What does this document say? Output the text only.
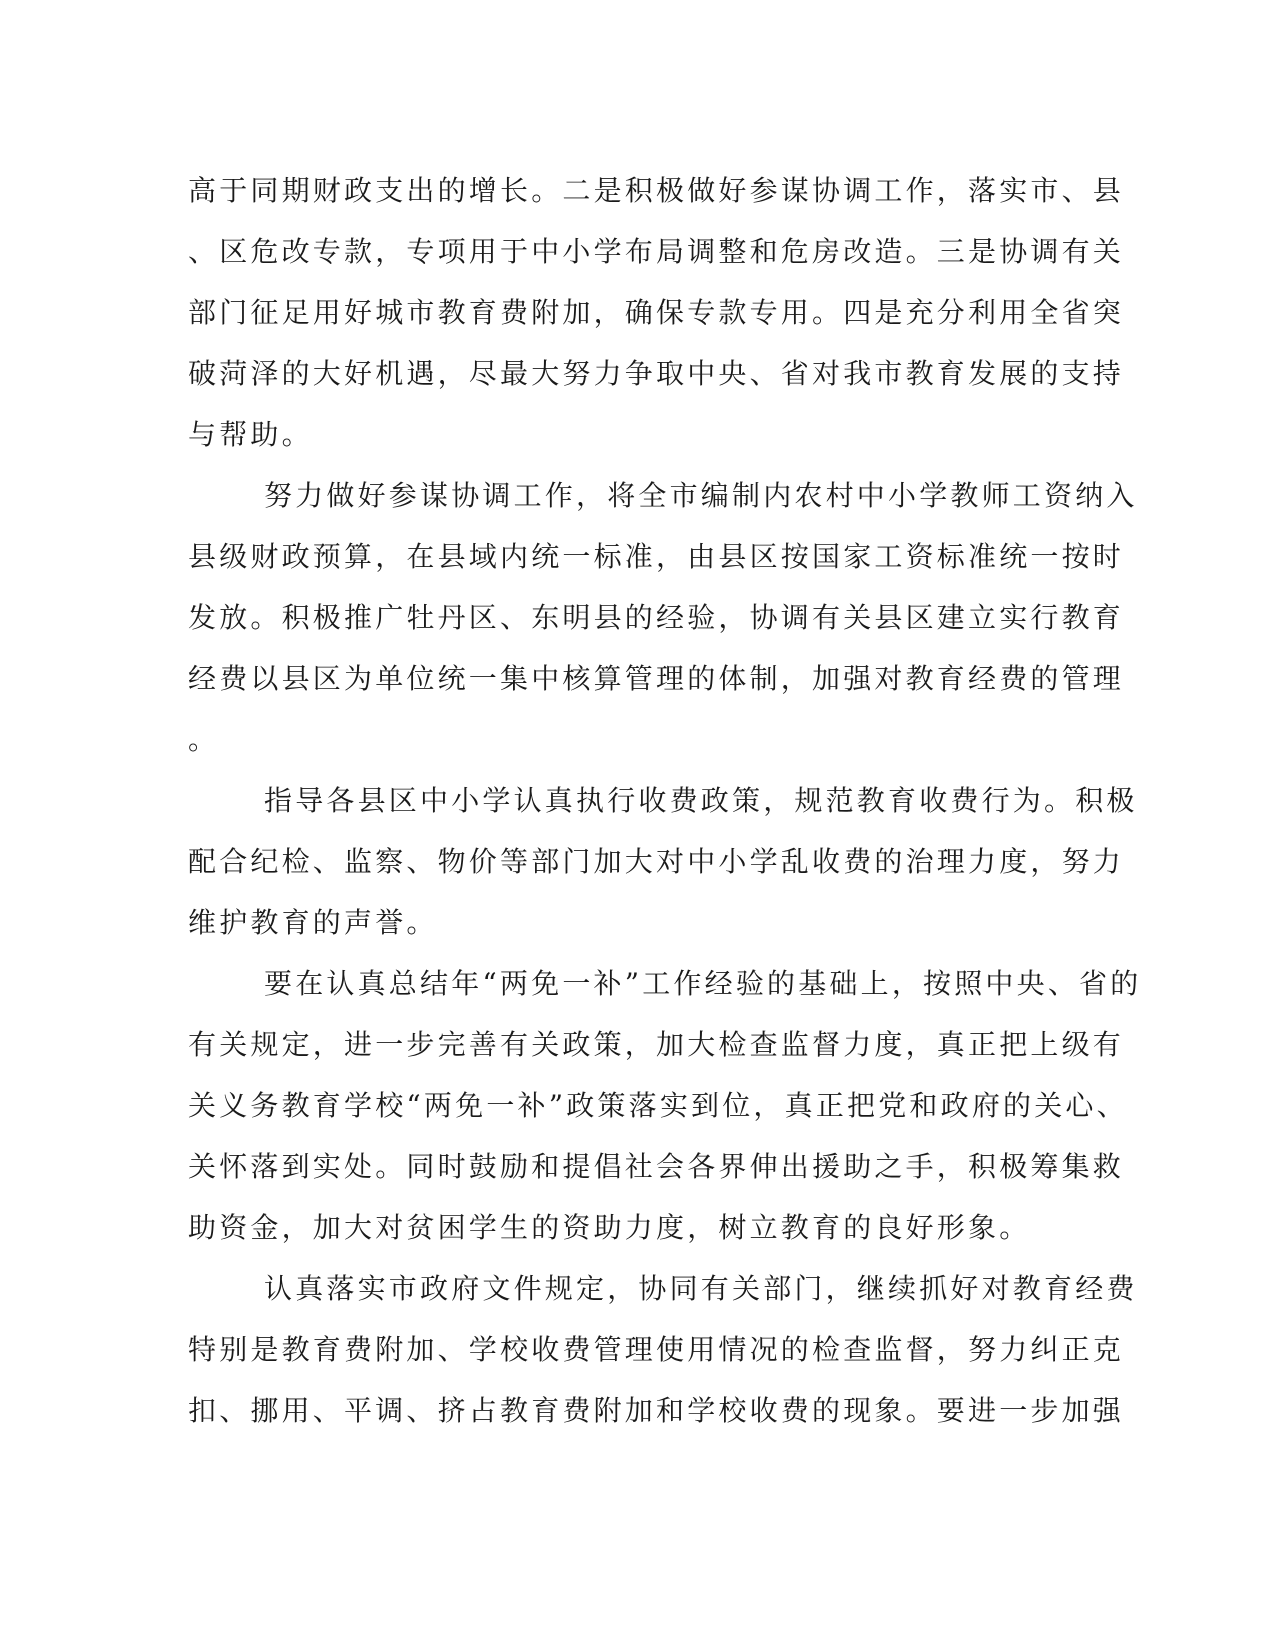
高于同期财政支出的增长。二是积极做好参谋协调工作，落实市、县
、区危改专款，专项用于中小学布局调整和危房改造。三是协调有关
部门征足用好城市教育费附加，确保专款专用。四是充分利用全省突
破菏泽的大好机遇，尽最大努力争取中央、省对我市教育发展的支持
与帮助。
努力做好参谋协调工作，将全市编制内农村中小学教师工资纳入
县级财政预算，在县域内统一标准，由县区按国家工资标准统一按时
发放。积极推广牡丹区、东明县的经验，协调有关县区建立实行教育
经费以县区为单位统一集中核算管理的体制，加强对教育经费的管理
。
指导各县区中小学认真执行收费政策，规范教育收费行为。积极
配合纪检、监察、物价等部门加大对中小学乱收费的治理力度，努力
维护教育的声誉。
要在认真总结年“两免一补”工作经验的基础上，按照中央、省的
有关规定，进一步完善有关政策，加大检查监督力度，真正把上级有
关义务教育学校“两免一补”政策落实到位，真正把党和政府的关心、
关怀落到实处。同时鼓励和提倡社会各界伸出援助之手，积极筹集救
助资金，加大对贫困学生的资助力度，树立教育的良好形象。
认真落实市政府文件规定，协同有关部门，继续抓好对教育经费
特别是教育费附加、学校收费管理使用情况的检查监督，努力纠正克
扣、挪用、平调、挤占教育费附加和学校收费的现象。要进一步加强
